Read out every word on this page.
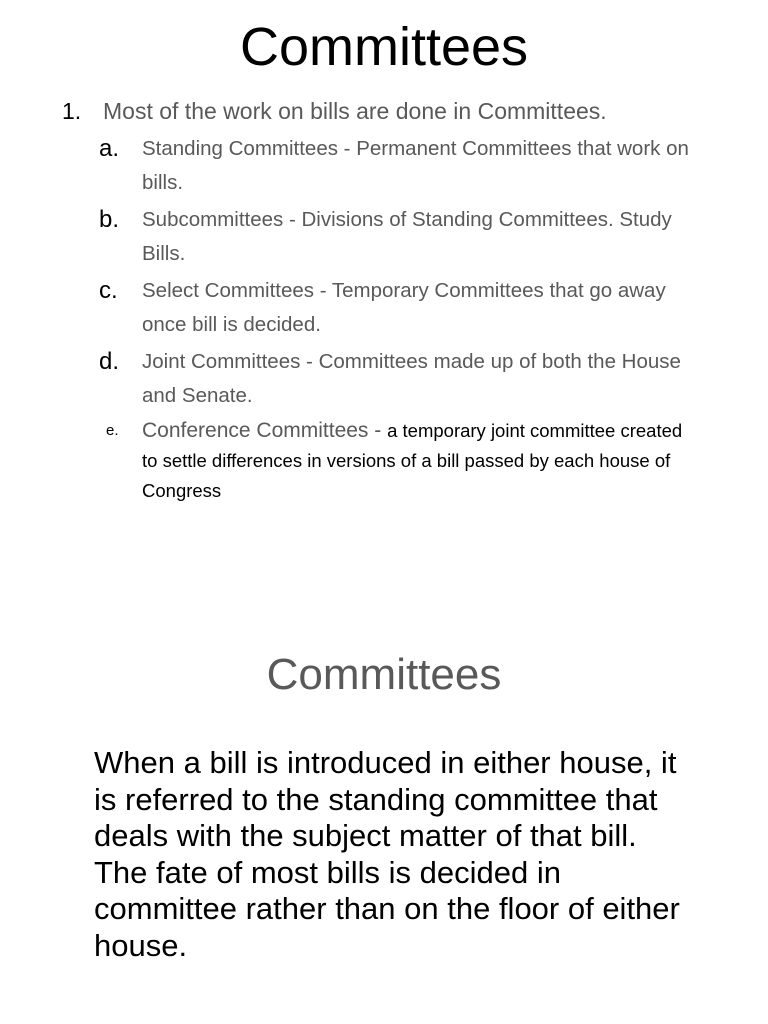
Committees
1. Most of the work on bills are done in Committees.
a. Standing Committees - Permanent Committees that work on bills.
b. Subcommittees - Divisions of Standing Committees. Study Bills.
c. Select Committees - Temporary Committees that go away once bill is decided.
d. Joint Committees - Committees made up of both the House and Senate.
e. Conference Committees - a temporary joint committee created to settle differences in versions of a bill passed by each house of Congress
Committees
When a bill is introduced in either house, it is referred to the standing committee that deals with the subject matter of that bill. The fate of most bills is decided in committee rather than on the floor of either house.
